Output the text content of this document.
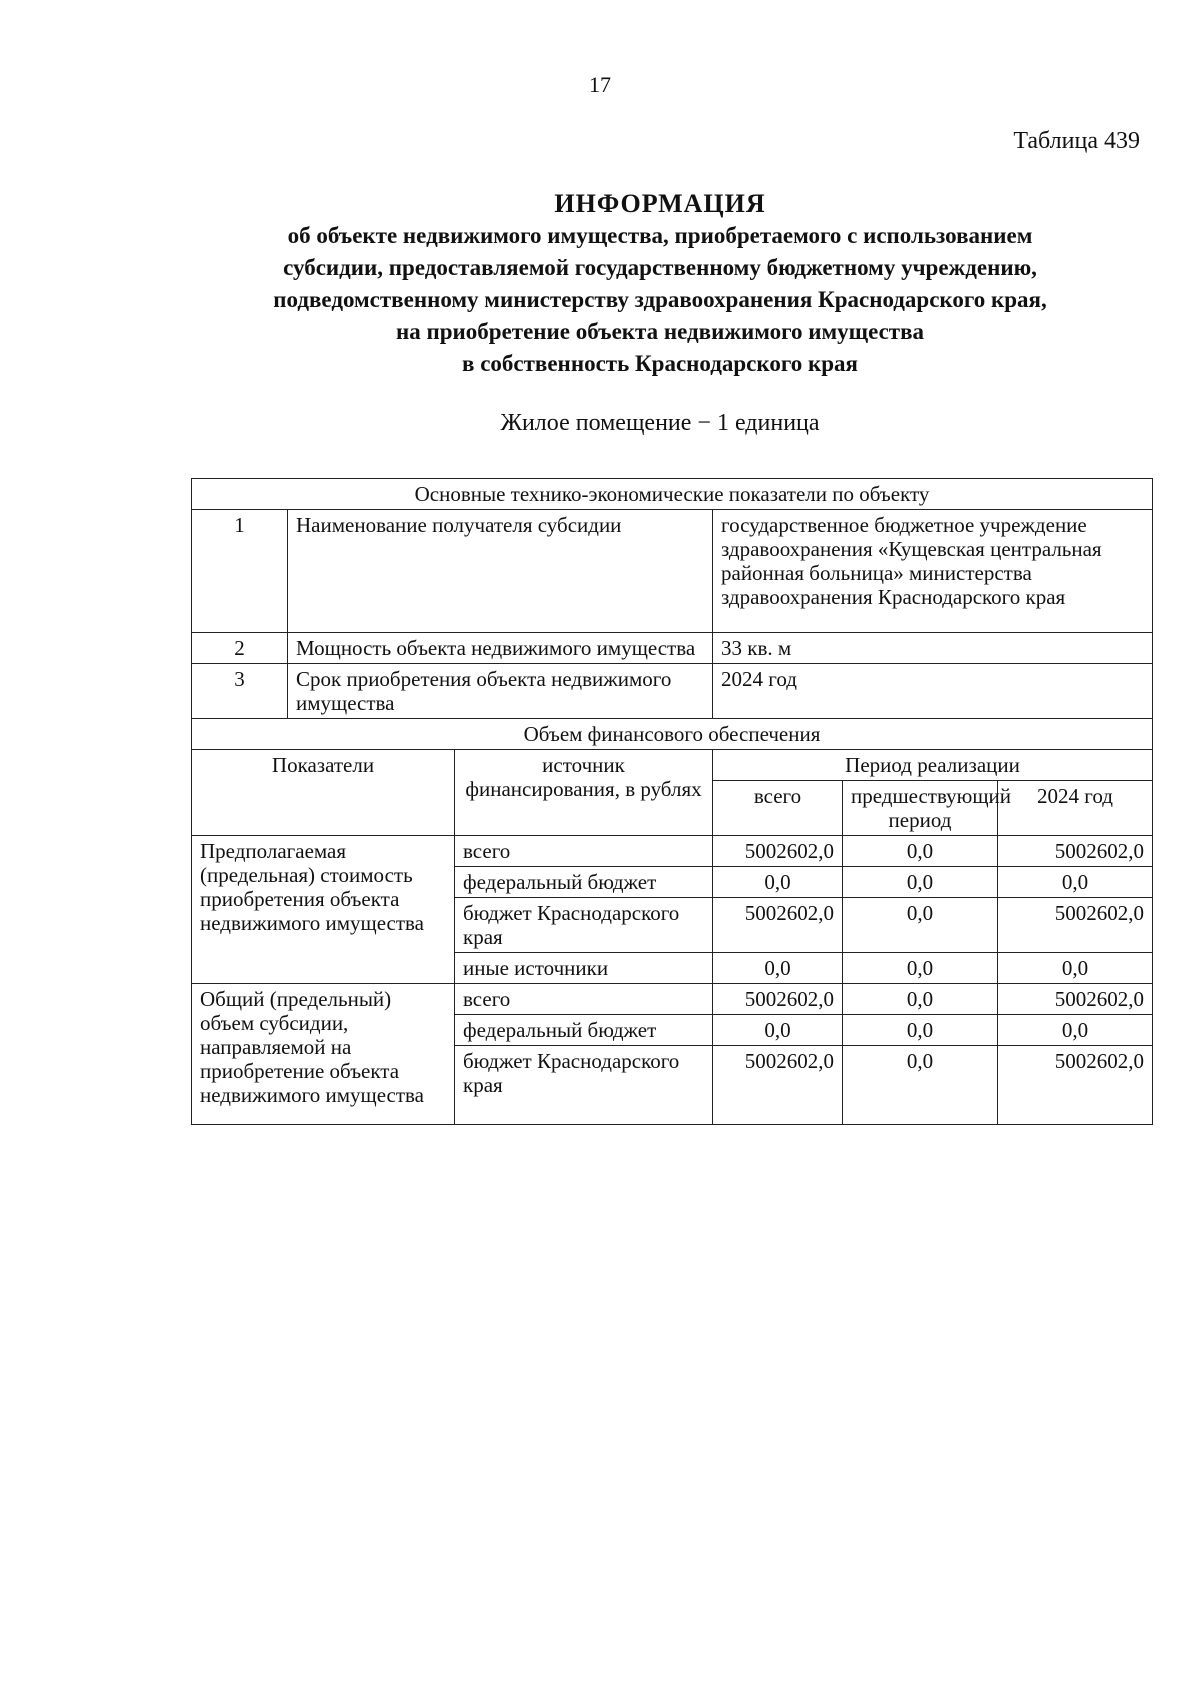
17
Таблица 439
ИНФОРМАЦИЯ
об объекте недвижимого имущества, приобретаемого с использованием
субсидии, предоставляемой государственному бюджетному учреждению,
подведомственному министерству здравоохранения Краснодарского края,
на приобретение объекта недвижимого имущества
в собственность Краснодарского края
Жилое помещение − 1 единица
Основные технико-экономические показатели по объекту					
1	Наименование получателя субсидии		государственное бюджетное учреждение здравоохранения «Кущевская центральная районная больница» министерства здравоохранения Краснодарского края		
2	Мощность объекта недвижимого имущества		33 кв. м		
3	Срок приобретения объекта недвижимого имущества		2024 год		
Объем финансового обеспечения					
Показатели		источник финансирования, в рублях	Период реализации		
			всего	предшествующий период	2024 год
Предполагаемая (предельная) стоимость приобретения объекта недвижимого имущества		всего	5002602,0	0,0	5002602,0
		федеральный бюджет	0,0	0,0	0,0
		бюджет Краснодарского края	5002602,0	0,0	5002602,0
		иные источники	0,0	0,0	0,0
Общий (предельный) объем субсидии, направляемой на приобретение объекта недвижимого имущества		всего	5002602,0	0,0	5002602,0
		федеральный бюджет	0,0	0,0	0,0
		бюджет Краснодарского края	5002602,0	0,0	5002602,0
